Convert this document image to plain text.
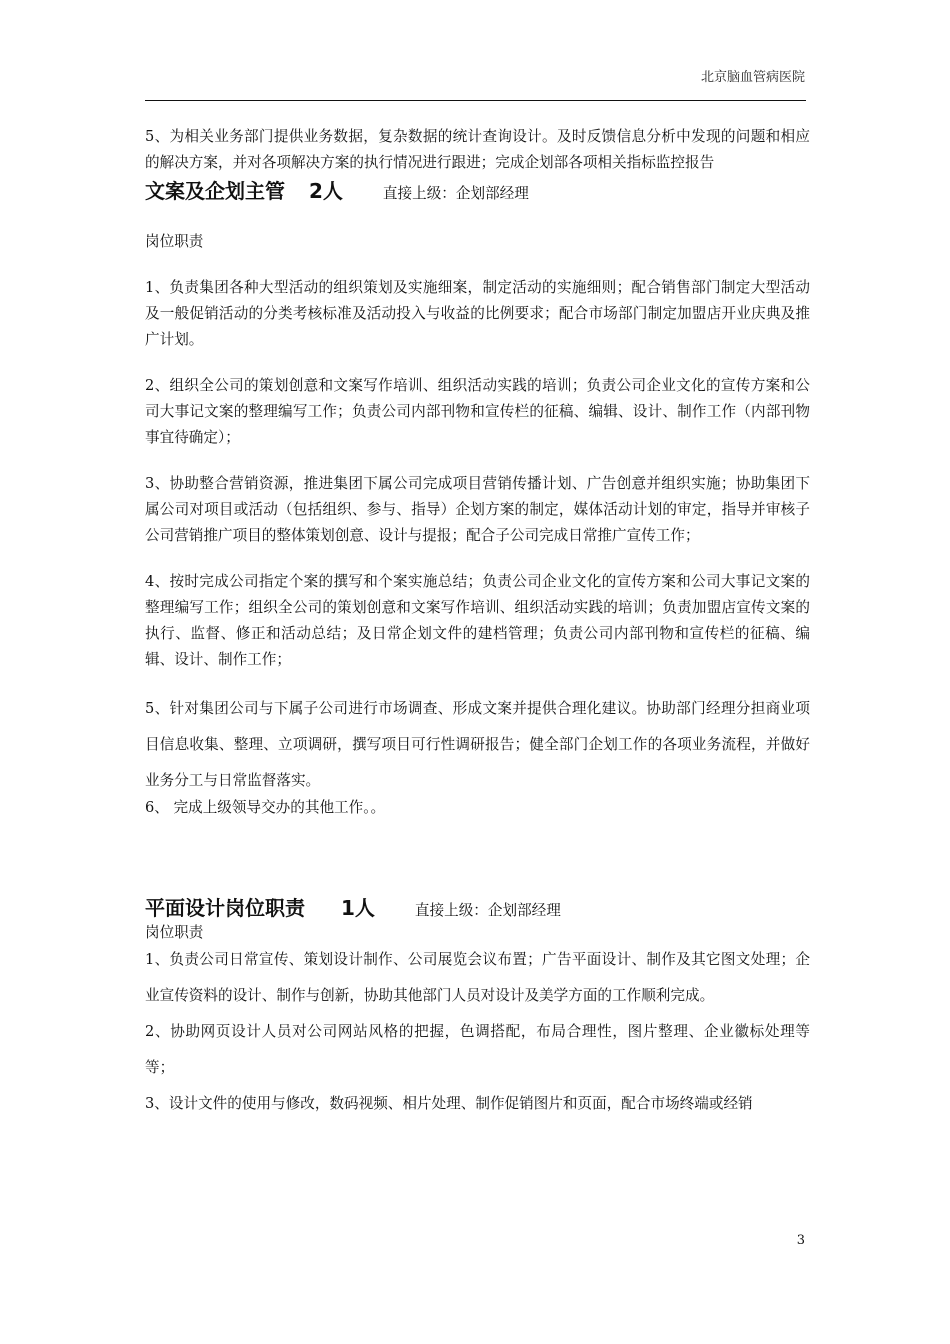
北京脑血管病医院

5、为相关业务部门提供业务数据，复杂数据的统计查询设计。及时反馈信息分析中发现的问题和相应的解决方案，并对各项解决方案的执行情况进行跟进；完成企划部各项相关指标监控报告

文案及企划主管 2人	直接上级：企划部经理

岗位职责

1、负责集团各种大型活动的组织策划及实施细案，制定活动的实施细则；配合销售部门制定大型活动及一般促销活动的分类考核标准及活动投入与收益的比例要求；配合市场部门制定加盟店开业庆典及推广计划。

2、组织全公司的策划创意和文案写作培训、组织活动实践的培训；负责公司企业文化的宣传方案和公司大事记文案的整理编写工作；负责公司内部刊物和宣传栏的征稿、编辑、设计、制作工作（内部刊物事宜待确定）；

3、协助整合营销资源，推进集团下属公司完成项目营销传播计划、广告创意并组织实施；协助集团下属公司对项目或活动（包括组织、参与、指导）企划方案的制定，媒体活动计划的审定，指导并审核子公司营销推广项目的整体策划创意、设计与提报；配合子公司完成日常推广宣传工作；

4、按时完成公司指定个案的撰写和个案实施总结；负责公司企业文化的宣传方案和公司大事记文案的整理编写工作；组织全公司的策划创意和文案写作培训、组织活动实践的培训；负责加盟店宣传文案的执行、监督、修正和活动总结；及日常企划文件的建档管理；负责公司内部刊物和宣传栏的征稿、编辑、设计、制作工作；

5、针对集团公司与下属子公司进行市场调查、形成文案并提供合理化建议。协助部门经理分担商业项目信息收集、整理、立项调研，撰写项目可行性调研报告；健全部门企划工作的各项业务流程，并做好业务分工与日常监督落实。

6、 完成上级领导交办的其他工作。。

平面设计岗位职责 1人	直接上级：企划部经理

岗位职责

1、负责公司日常宣传、策划设计制作、公司展览会议布置；广告平面设计、制作及其它图文处理；企业宣传资料的设计、制作与创新，协助其他部门人员对设计及美学方面的工作顺利完成。

2、协助网页设计人员对公司网站风格的把握，色调搭配，布局合理性，图片整理、企业徽标处理等等；

3、设计文件的使用与修改，数码视频、相片处理、制作促销图片和页面，配合市场终端或经销

3
